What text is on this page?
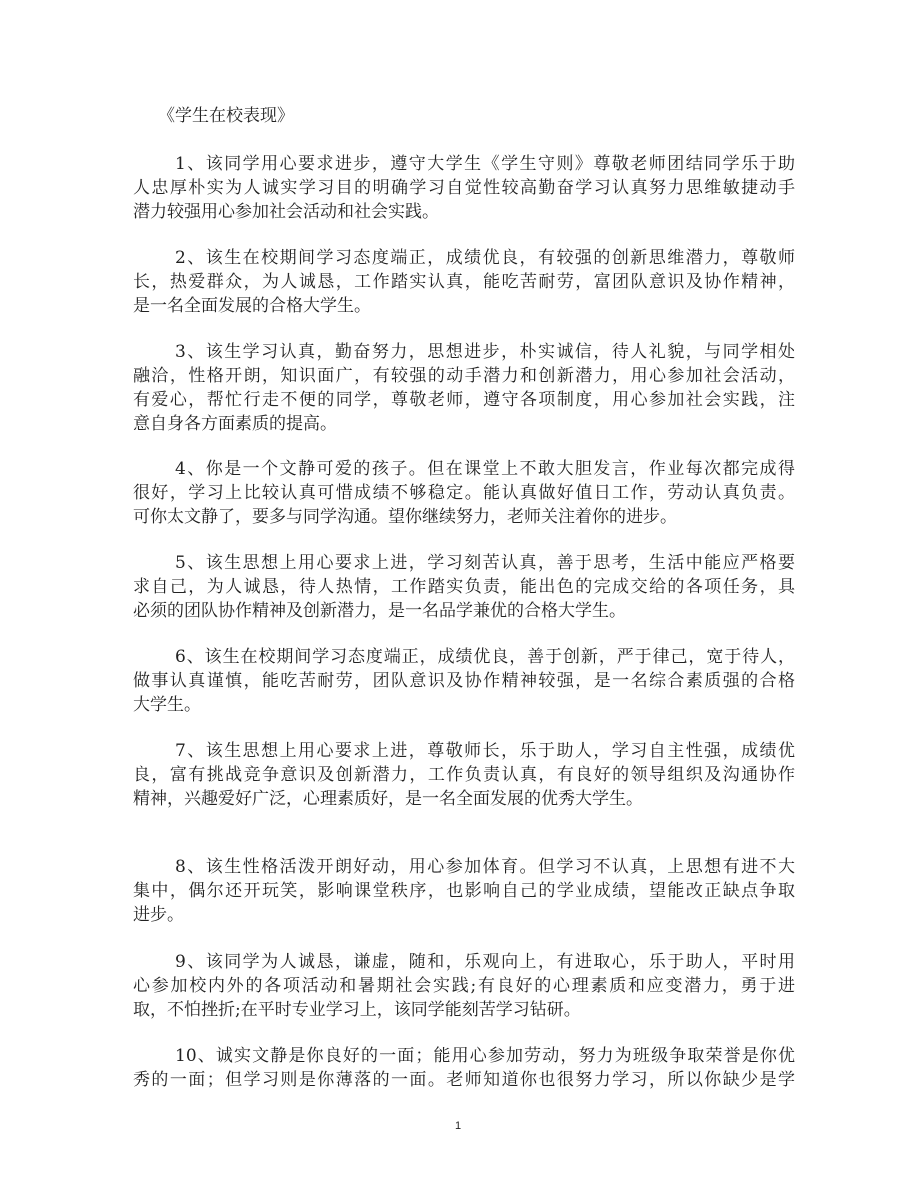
《学生在校表现》
1、该同学用心要求进步，遵守大学生《学生守则》尊敬老师团结同学乐于助
人忠厚朴实为人诚实学习目的明确学习自觉性较高勤奋学习认真努力思维敏捷动手
潜力较强用心参加社会活动和社会实践。
2、该生在校期间学习态度端正，成绩优良，有较强的创新思维潜力，尊敬师
长，热爱群众，为人诚恳，工作踏实认真，能吃苦耐劳，富团队意识及协作精神，
是一名全面发展的合格大学生。
3、该生学习认真，勤奋努力，思想进步，朴实诚信，待人礼貌，与同学相处
融洽，性格开朗，知识面广，有较强的动手潜力和创新潜力，用心参加社会活动，
有爱心，帮忙行走不便的同学，尊敬老师，遵守各项制度，用心参加社会实践，注
意自身各方面素质的提高。
4、你是一个文静可爱的孩子。但在课堂上不敢大胆发言，作业每次都完成得
很好，学习上比较认真可惜成绩不够稳定。能认真做好值日工作，劳动认真负责。
可你太文静了，要多与同学沟通。望你继续努力，老师关注着你的进步。
5、该生思想上用心要求上进，学习刻苦认真，善于思考，生活中能应严格要
求自己，为人诚恳，待人热情，工作踏实负责，能出色的完成交给的各项任务，具
必须的团队协作精神及创新潜力，是一名品学兼优的合格大学生。
6、该生在校期间学习态度端正，成绩优良，善于创新，严于律己，宽于待人，
做事认真谨慎，能吃苦耐劳，团队意识及协作精神较强，是一名综合素质强的合格
大学生。
7、该生思想上用心要求上进，尊敬师长，乐于助人，学习自主性强，成绩优
良，富有挑战竞争意识及创新潜力，工作负责认真，有良好的领导组织及沟通协作
精神，兴趣爱好广泛，心理素质好，是一名全面发展的优秀大学生。
8、该生性格活泼开朗好动，用心参加体育。但学习不认真，上思想有进不大
集中，偶尔还开玩笑，影响课堂秩序，也影响自己的学业成绩，望能改正缺点争取
进步。
9、该同学为人诚恳，谦虚，随和，乐观向上，有进取心，乐于助人，平时用
心参加校内外的各项活动和暑期社会实践;有良好的心理素质和应变潜力，勇于进
取，不怕挫折;在平时专业学习上，该同学能刻苦学习钻研。
10、诚实文静是你良好的一面；能用心参加劳动，努力为班级争取荣誉是你优
秀的一面；但学习则是你薄落的一面。老师知道你也很努力学习，所以你缺少是学
1
